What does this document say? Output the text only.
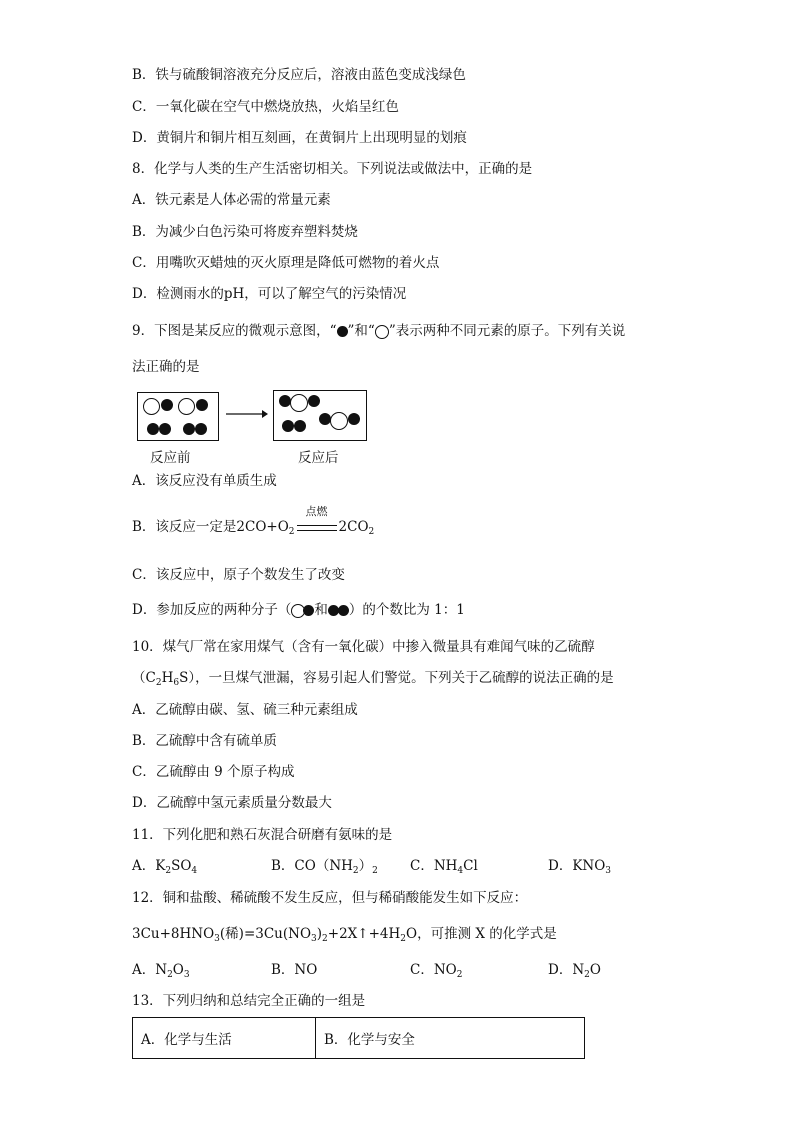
B．铁与硫酸铜溶液充分反应后，溶液由蓝色变成浅绿色
C．一氧化碳在空气中燃烧放热，火焰呈红色
D．黄铜片和铜片相互刻画，在黄铜片上出现明显的划痕
8．化学与人类的生产生活密切相关。下列说法或做法中，正确的是
A．铁元素是人体必需的常量元素
B．为减少白色污染可将废弃塑料焚烧
C．用嘴吹灭蜡烛的灭火原理是降低可燃物的着火点
D．检测雨水的pH，可以了解空气的污染情况
9．下图是某反应的微观示意图，“ ”和“ ”表示两种不同元素的原子。下列有关说
法正确的是
反应前	反应后
A．该反应没有单质生成
B．该反应一定是$2CO+O_2$
点燃
$2CO_2$
C．该反应中，原子个数发生了改变
D．参加反应的两种分子（ 和 ）的个数比为 1：1
10．煤气厂常在家用煤气（含有一氧化碳）中掺入微量具有难闻气味的乙硫醇
$(C_2H_6S)$，一旦煤气泄漏，容易引起人们警觉。下列关于乙硫醇的说法正确的是
A．乙硫醇由碳、氢、硫三种元素组成
B．乙硫醇中含有硫单质
C．乙硫醇由 9 个原子构成
D．乙硫醇中氢元素质量分数最大
11．下列化肥和熟石灰混合研磨有氨味的是
A．$K_2SO_4$	B．$CO(NH_2)_2$ C．$NH_4Cl$	D．$KNO_3$
12．铜和盐酸、稀硫酸不发生反应，但与稀硝酸能发生如下反应：
$3Cu+8HNO_3$(稀)$=3Cu(NO_3)_2+2X↑+4H_2O$，可推测 X 的化学式是
A．$N_2O_3$	B．NO	C．$NO_2$	D．$N_2O$
13．下列归纳和总结完全正确的一组是
A．化学与生活	B．化学与安全
